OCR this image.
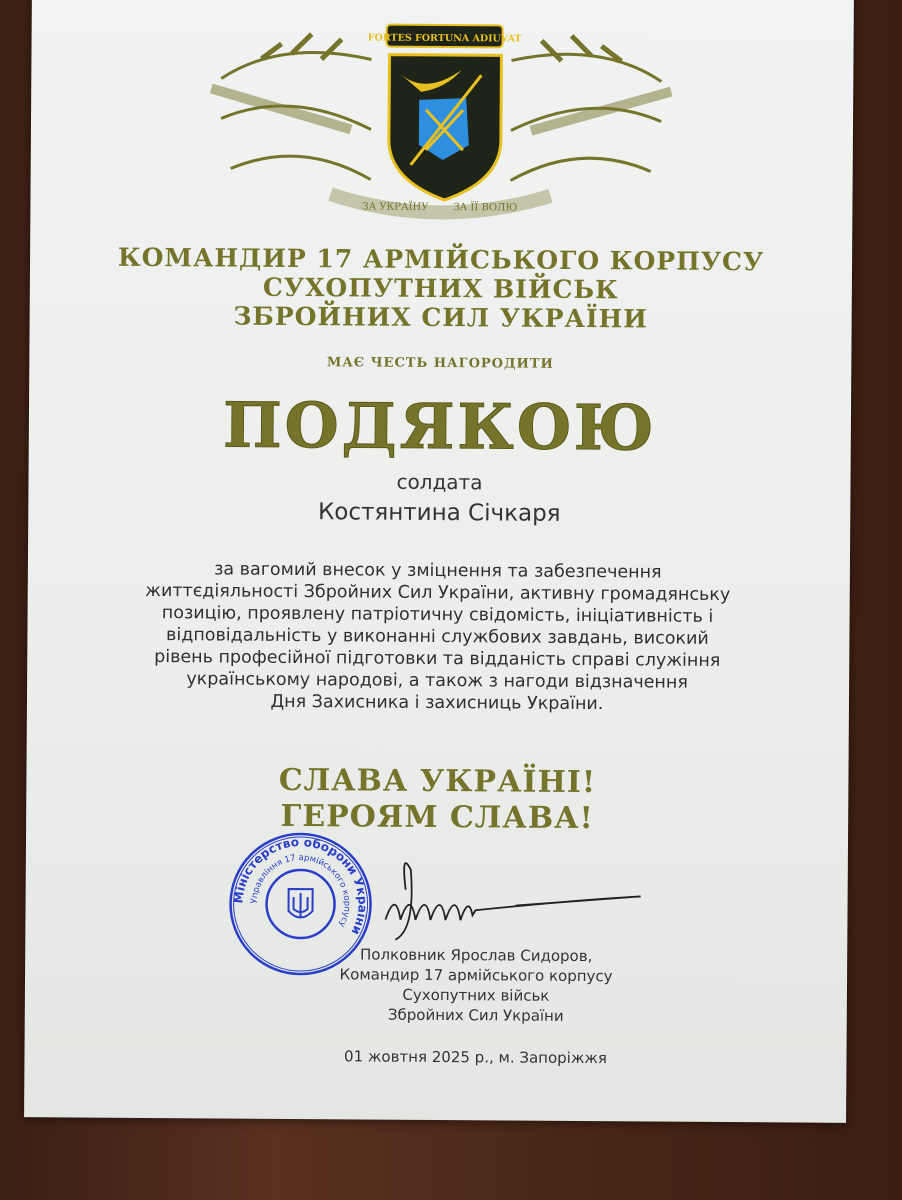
ЗА УКРАЇНУ ЗА ЇЇ ВОЛЮ
FORTES FORTUNA ADIUVAT
КОМАНДИР 17 АРМІЙСЬКОГО КОРПУСУ
СУХОПУТНИХ ВІЙСЬК
ЗБРОЙНИХ СИЛ УКРАЇНИ
МАЄ ЧЕСТЬ НАГОРОДИТИ
ПОДЯКОЮ
солдата
Костянтина Січкаря
за вагомий внесок у зміцнення та забезпечення
життєдіяльності Збройних Сил України, активну громадянську
позицію, проявлену патріотичну свідомість, ініціативність і
відповідальність у виконанні службових завдань, високий
рівень професійної підготовки та відданість справі служіння
українському народові, а також з нагоди відзначення
Дня Захисника і захисниць України.
СЛАВА УКРАЇНІ!
ГЕРОЯМ СЛАВА!
Міністерство оборони України
Управління 17 армійського корпусу
Полковник Ярослав Сидоров,
Командир 17 армійського корпусу
Сухопутних військ
Збройних Сил України
01 жовтня 2025 р., м. Запоріжжя
